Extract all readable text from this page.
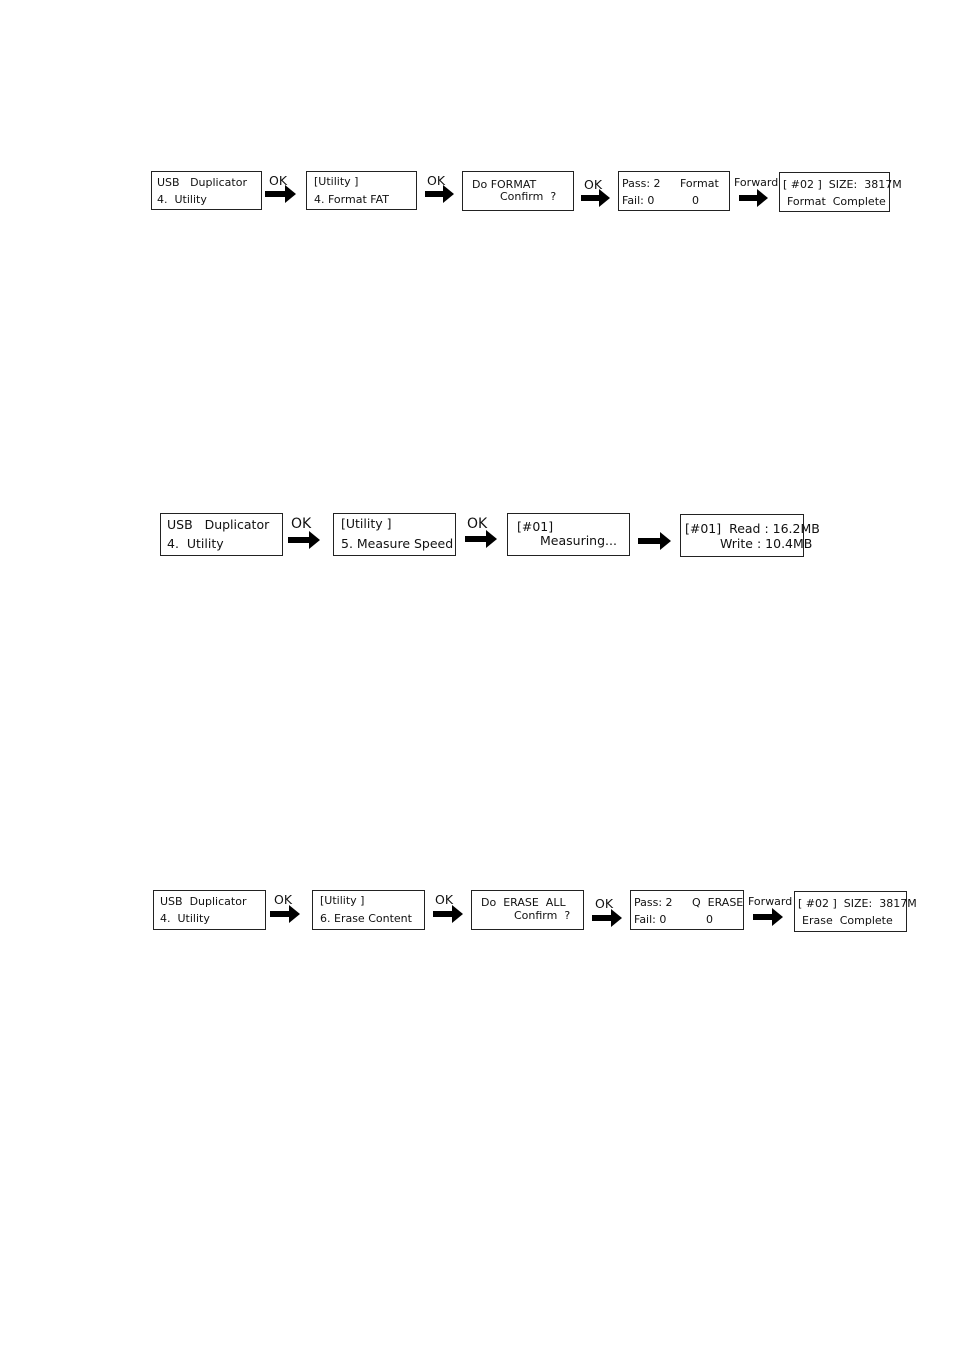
USB   Duplicator

4.  Utility

OK

[Utility ]

4. Format FAT

OK

Do FORMAT

Confirm  ?

OK

Pass: 2

Format

Fail: 0

	0

Forward

[ #02 ]  SIZE:  3817M

Format  Complete

USB   Duplicator

4.  Utility

OK

[Utility ]

5. Measure Speed

OK

[#01]

Measuring...

[#01]  Read : 16.2MB

Write : 10.4MB

USB  Duplicator

4.  Utility

OK

	[Utility ]

6. Erase Content

OK

	Do  ERASE  ALL

Confirm  ?

OK

Pass: 2

Q  ERASE

Fail: 0

	0

Forward

[ #02 ]  SIZE:  3817M

Erase  Complete
